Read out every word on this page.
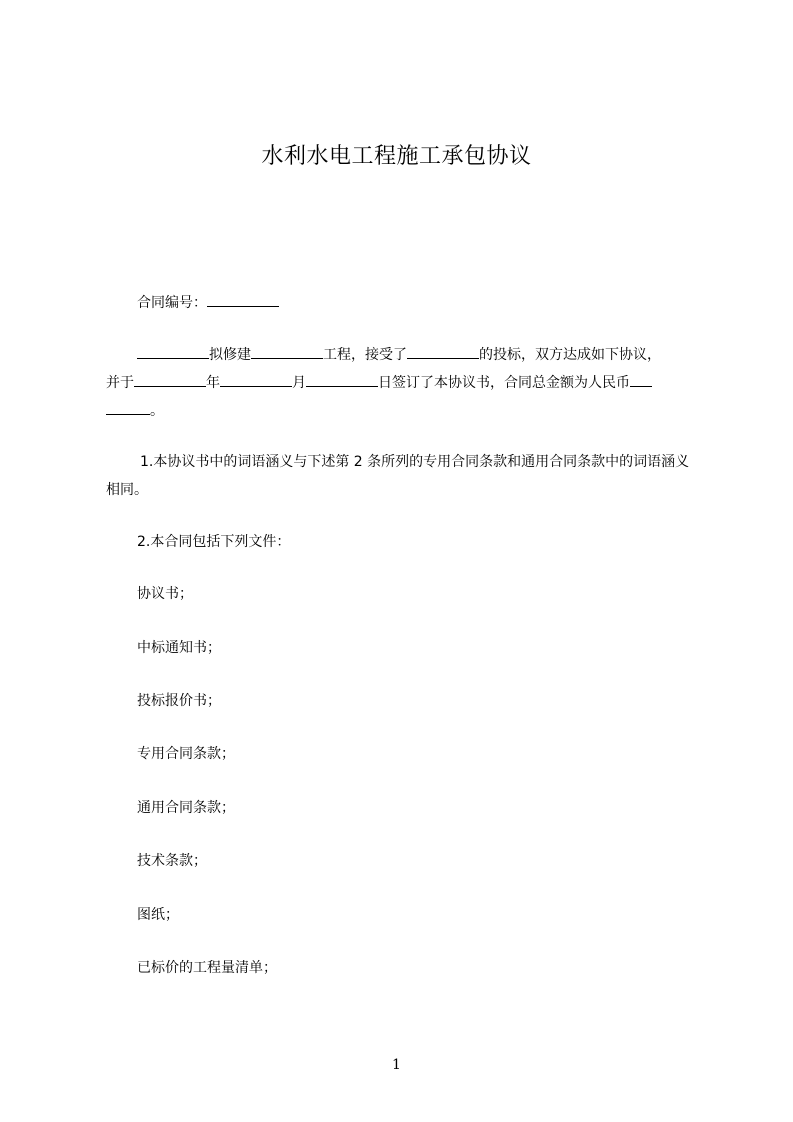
水利水电工程施工承包协议
合同编号：
拟修建	工程，接受了	的投标，双方达成如下协议，
并于	年	月	日签订了本协议书，合同总金额为人民币
。
1.本协议书中的词语涵义与下述第 2 条所列的专用合同条款和通用合同条款中的词语涵义相同。
2.本合同包括下列文件：
协议书；
中标通知书；
投标报价书；
专用合同条款；
通用合同条款；
技术条款；
图纸；
已标价的工程量清单；
1
